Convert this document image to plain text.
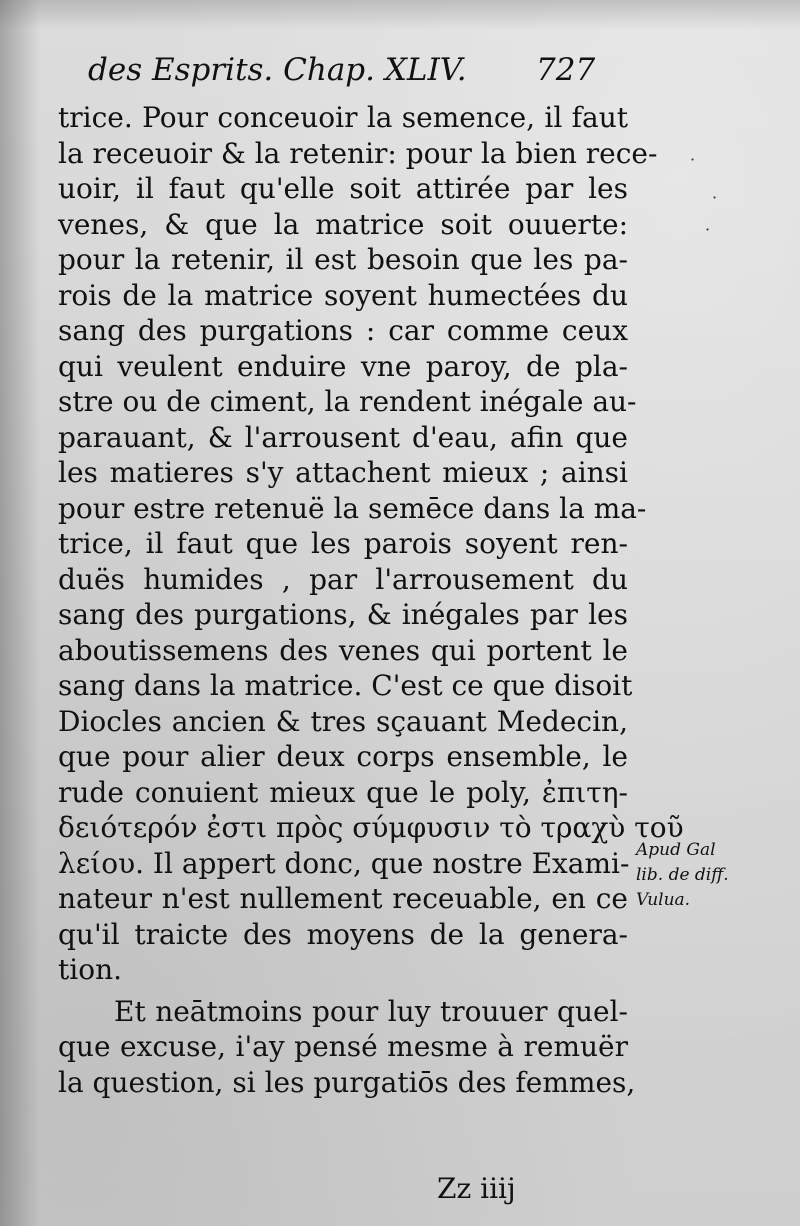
des Esprits. Chap. XLIV. 727
trice. Pour conceuoir la semence, il faut
la receuoir & la retenir: pour la bien rece-
uoir, il faut qu'elle soit attirée par les
venes, & que la matrice soit ouuerte:
pour la retenir, il est besoin que les pa-
rois de la matrice soyent humectées du
sang des purgations : car comme ceux
qui veulent enduire vne paroy, de pla-
stre ou de ciment, la rendent inégale au-
parauant, & l'arrousent d'eau, afin que
les matieres s'y attachent mieux ; ainsi
pour estre retenuë la semēce dans la ma-
trice, il faut que les parois soyent ren-
duës humides , par l'arrousement du
sang des purgations, & inégales par les
aboutissemens des venes qui portent le
sang dans la matrice. C'est ce que disoit
Diocles ancien & tres sçauant Medecin,
que pour alier deux corps ensemble, le
rude conuient mieux que le poly, ἐπιτη-
δειότερόν ἐστι πρὸς σύμφυσιν τὸ τραχὺ τοῦ
λείου. Il appert donc, que nostre Exami-
nateur n'est nullement receuable, en ce
qu'il traicte des moyens de la genera-
tion.
Et neātmoins pour luy trouuer quel-
que excuse, i'ay pensé mesme à remuër
la question, si les purgatiōs des femmes,
Apud Gal
lib. de diff.
Vulua.
Zz iiij
·
·
·
